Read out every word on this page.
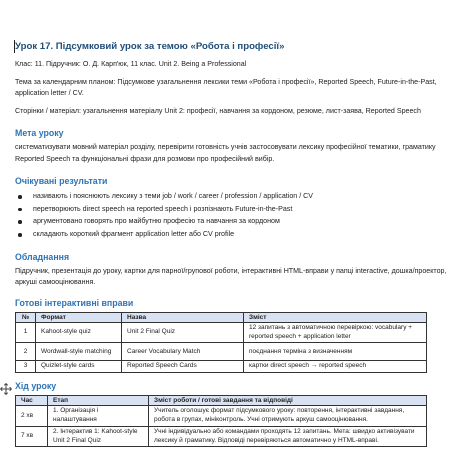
Урок 17. Підсумковий урок за темою «Робота і професії»

Клас: 11. Підручник: О. Д. Карп'юк, 11 клас. Unit 2. Being a Professional

Тема за календарним планом: Підсумкове узагальнення лексики теми «Робота і професії», Reported Speech, Future-in-the-Past, application letter / CV.

Сторінки / матеріал: узагальнення матеріалу Unit 2: професії, навчання за кордоном, резюме, лист-заява, Reported Speech

Мета уроку

систематизувати мовний матеріал розділу, перевірити готовність учнів застосовувати лексику професійної тематики, граматику Reported Speech та функціональні фрази для розмови про професійний вибір.

Очікувані результати
називають і пояснюють лексику з теми job / work / career / profession / application / CV
перетворюють direct speech на reported speech і розпізнають Future-in-the-Past
аргументовано говорять про майбутню професію та навчання за кордоном
складають короткий фрагмент application letter або CV profile
Обладнання

Підручник, презентація до уроку, картки для парної/групової роботи, інтерактивні HTML-вправи у папці interactive, дошка/проектор, аркуші самооцінювання.

Готові інтерактивні вправи
№	Формат	Назва	Зміст
1	Kahoot-style quiz	Unit 2 Final Quiz	12 запитань з автоматичною перевіркою: vocabulary + reported speech + application letter
2	Wordwall-style matching	Career Vocabulary Match	поєднання терміна з визначенням
3	Quizlet-style cards	Reported Speech Cards	картки direct speech → reported speech
Хід уроку
Час	Етап	Зміст роботи / готові завдання та відповіді
2 хв	1. Організація і налаштування	Учитель оголошує формат підсумкового уроку: повторення, інтерактивні завдання, робота в групах, мініконтроль. Учні отримують аркуш самооцінювання.
7 хв	2. Інтерактив 1: Kahoot-style Unit 2 Final Quiz	Учні індивідуально або командами проходять 12 запитань. Мета: швидко активізувати лексику й граматику. Відповіді перевіряються автоматично у HTML-вправі.
